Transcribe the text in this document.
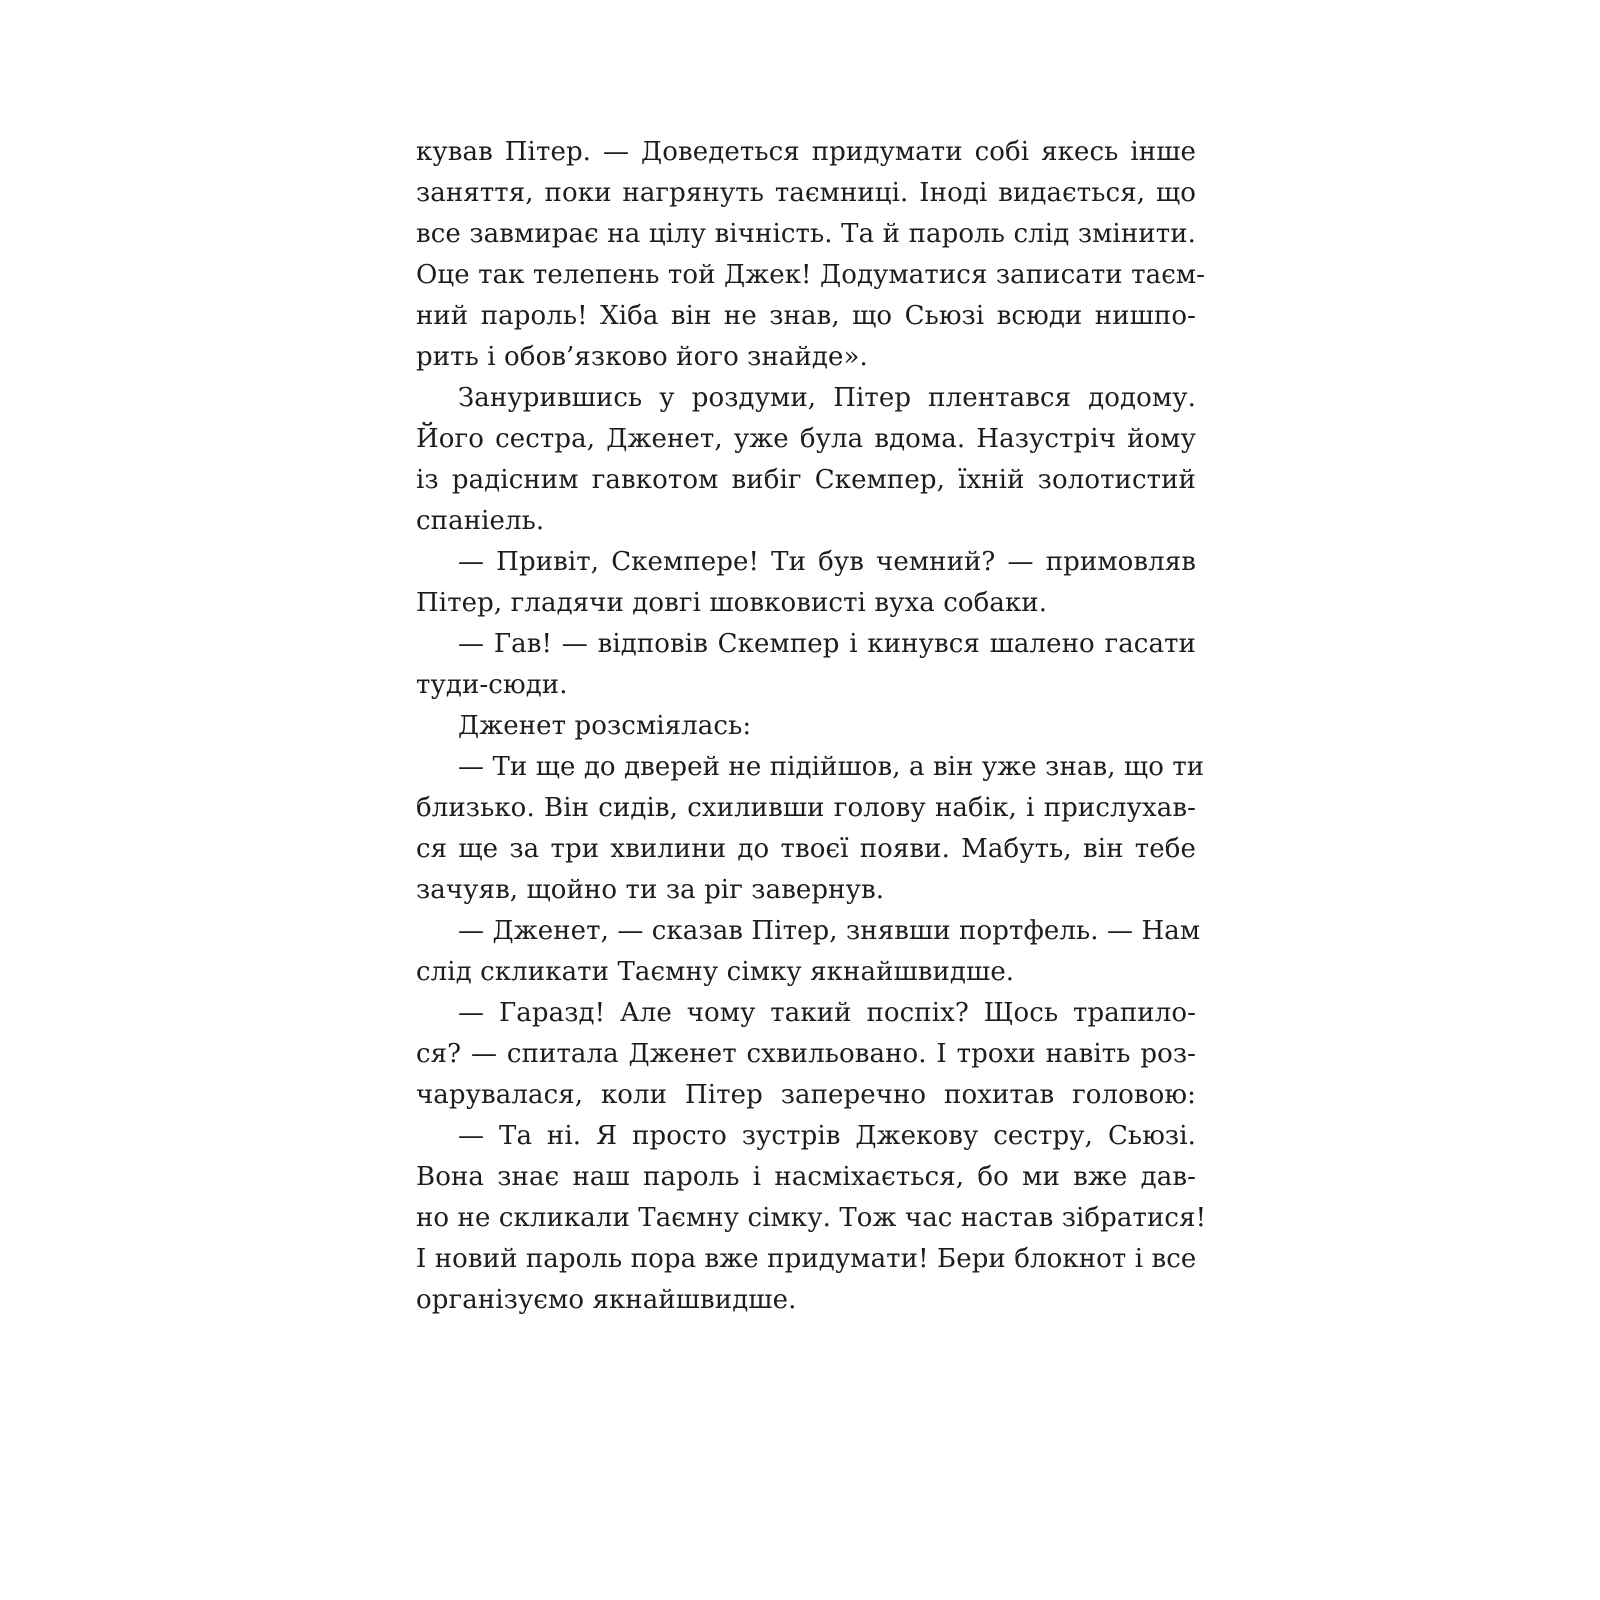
кував Пітер. — Доведеться придумати собі якесь інше
заняття, поки нагрянуть таємниці. Іноді видається, що
все завмирає на цілу вічність. Та й пароль слід змінити.
Оце так телепень той Джек! Додуматися записати таєм-
ний пароль! Хіба він не знав, що Сьюзі всюди нишпо-
рить і обов’язково його знайде».
Занурившись у роздуми, Пітер плентався додому.
Його сестра, Дженет, уже була вдома. Назустріч йому
із радісним гавкотом вибіг Скемпер, їхній золотистий
спаніель.
— Привіт, Скемпере! Ти був чемний? — примовляв
Пітер, гладячи довгі шовковисті вуха собаки.
— Гав! — відповів Скемпер і кинувся шалено гасати
туди-сюди.
Дженет розсміялась:
— Ти ще до дверей не підійшов, а він уже знав, що ти
близько. Він сидів, схиливши голову набік, і прислухав-
ся ще за три хвилини до твоєї появи. Мабуть, він тебе
зачуяв, щойно ти за ріг завернув.
— Дженет, — сказав Пітер, знявши портфель. — Нам
слід скликати Таємну сімку якнайшвидше.
— Гаразд! Але чому такий поспіх? Щось трапило-
ся? — спитала Дженет схвильовано. І трохи навіть роз-
чарувалася, коли Пітер заперечно похитав головою:
— Та ні. Я просто зустрів Джекову сестру, Сьюзі.
Вона знає наш пароль і насміхається, бо ми вже дав-
но не скликали Таємну сімку. Тож час настав зібратися!
І новий пароль пора вже придумати! Бери блокнот і все
організуємо якнайшвидше.
